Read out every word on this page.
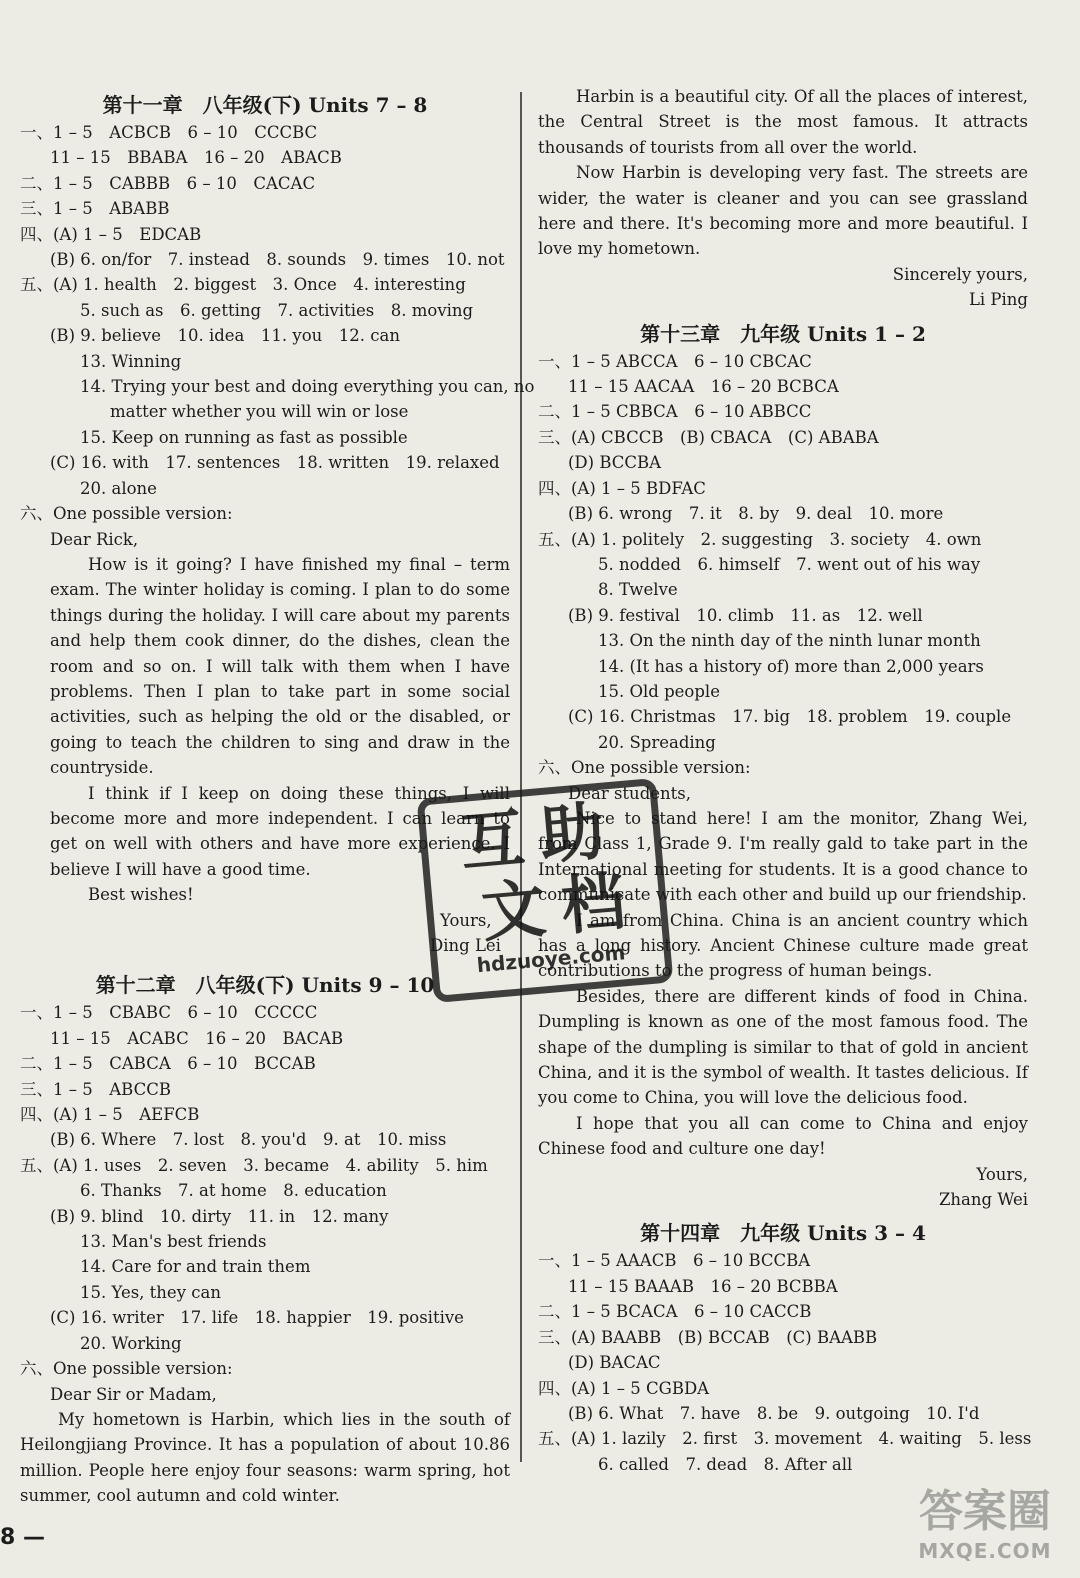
第十一章　八年级(下) Units 7 – 8
一、1 – 5　ACBCB　6 – 10　CCCBC
11 – 15　BBABA　16 – 20　ABACB
二、1 – 5　CABBB　6 – 10　CACAC
三、1 – 5　ABABB
四、(A) 1 – 5　EDCAB
(B) 6. on/for　7. instead　8. sounds　9. times　10. not
五、(A) 1. health　2. biggest　3. Once　4. interesting
5. such as　6. getting　7. activities　8. moving
(B) 9. believe　10. idea　11. you　12. can
13. Winning
14. Trying your best and doing everything you can, no
matter whether you will win or lose
15. Keep on running as fast as possible
(C) 16. with　17. sentences　18. written　19. relaxed
20. alone
六、One possible version:
Dear Rick,
How is it going? I have finished my final – term exam. The winter holiday is coming. I plan to do some things during the holiday. I will care about my parents and help them cook dinner, do the dishes, clean the room and so on. I will talk with them when I have problems. Then I plan to take part in some social activities, such as helping the old or the disabled, or going to teach the children to sing and draw in the countryside.
I think if I keep on doing these things, I will become more and more independent. I can learn to get on well with others and have more experience. I believe I will have a good time.
Best wishes!
Yours,
Ding Lei
第十二章　八年级(下) Units 9 – 10
一、1 – 5　CBABC　6 – 10　CCCCC
11 – 15　ACABC　16 – 20　BACAB
二、1 – 5　CABCA　6 – 10　BCCAB
三、1 – 5　ABCCB
四、(A) 1 – 5　AEFCB
(B) 6. Where　7. lost　8. you'd　9. at　10. miss
五、(A) 1. uses　2. seven　3. became　4. ability　5. him
6. Thanks　7. at home　8. education
(B) 9. blind　10. dirty　11. in　12. many
13. Man's best friends
14. Care for and train them
15. Yes, they can
(C) 16. writer　17. life　18. happier　19. positive
20. Working
六、One possible version:
Dear Sir or Madam,
My hometown is Harbin, which lies in the south of Heilongjiang Province. It has a population of about 10.86 million. People here enjoy four seasons: warm spring, hot summer, cool autumn and cold winter.
Harbin is a beautiful city. Of all the places of interest, the Central Street is the most famous. It attracts thousands of tourists from all over the world.
Now Harbin is developing very fast. The streets are wider, the water is cleaner and you can see grassland here and there. It's becoming more and more beautiful. I love my hometown.
Sincerely yours,
Li Ping
第十三章　九年级 Units 1 – 2
一、1 – 5 ABCCA　6 – 10 CBCAC
11 – 15 AACAA　16 – 20 BCBCA
二、1 – 5 CBBCA　6 – 10 ABBCC
三、(A) CBCCB　(B) CBACA　(C) ABABA
(D) BCCBA
四、(A) 1 – 5 BDFAC
(B) 6. wrong　7. it　8. by　9. deal　10. more
五、(A) 1. politely　2. suggesting　3. society　4. own
5. nodded　6. himself　7. went out of his way
8. Twelve
(B) 9. festival　10. climb　11. as　12. well
13. On the ninth day of the ninth lunar month
14. (It has a history of) more than 2,000 years
15. Old people
(C) 16. Christmas　17. big　18. problem　19. couple
20. Spreading
六、One possible version:
Dear students,
Nice to stand here! I am the monitor, Zhang Wei, from Class 1, Grade 9. I'm really gald to take part in the International meeting for students. It is a good chance to communicate with each other and build up our friendship.
I am from China. China is an ancient country which has a long history. Ancient Chinese culture made great contributions to the progress of human beings.
Besides, there are different kinds of food in China. Dumpling is known as one of the most famous food. The shape of the dumpling is similar to that of gold in ancient China, and it is the symbol of wealth. It tastes delicious. If you come to China, you will love the delicious food.
I hope that you all can come to China and enjoy Chinese food and culture one day!
Yours,
Zhang Wei
第十四章　九年级 Units 3 – 4
一、1 – 5 AAACB　6 – 10 BCCBA
11 – 15 BAAAB　16 – 20 BCBBA
二、1 – 5 BCACA　6 – 10 CACCB
三、(A) BAABB　(B) BCCAB　(C) BAABB
(D) BACAC
四、(A) 1 – 5 CGBDA
(B) 6. What　7. have　8. be　9. outgoing　10. I'd
五、(A) 1. lazily　2. first　3. movement　4. waiting　5. less
6. called　7. dead　8. After all
互助
文档
hdzuoye.com
8 —
答案圈
MXQE.COM
